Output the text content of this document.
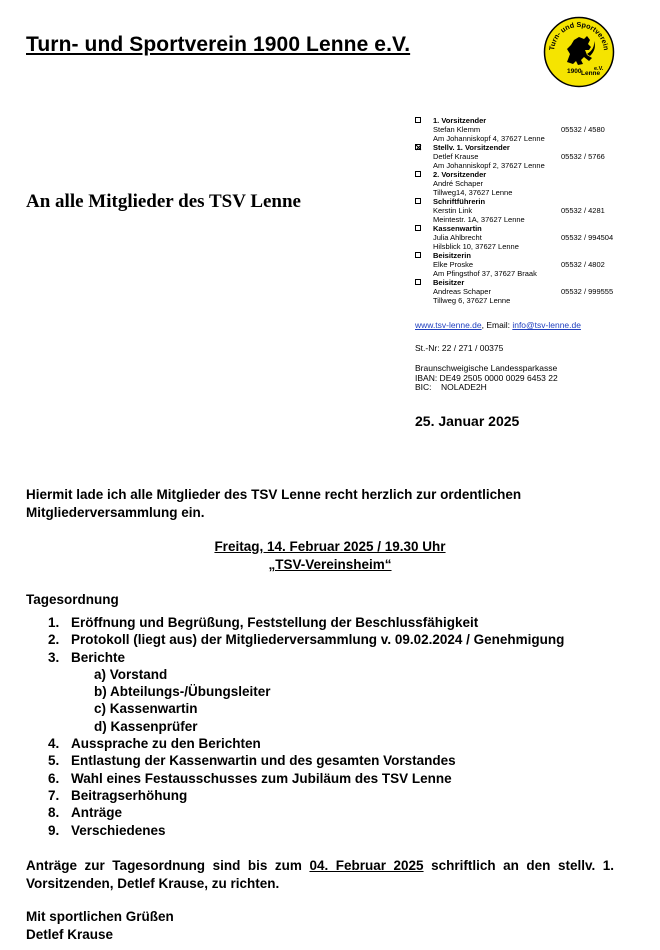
Turn- und Sportverein 1900 Lenne e.V.	Turn- und Sportverein
1900 Lenne
e.V.
An alle Mitglieder des TSV Lenne
1. Vorsitzender
Stefan Klemm	05532 / 4580
Am Johanniskopf 4, 37627 Lenne
Stellv. 1. Vorsitzender
Detlef Krause	05532 / 5766
Am Johanniskopf 2, 37627 Lenne
2. Vorsitzender
André Schaper
Tillweg14, 37627 Lenne
Schriftführerin
Kerstin Link	05532 / 4281
Meintestr. 1A, 37627 Lenne
Kassenwartin
Julia Ahlbrecht	05532 / 994504
Hilsblick 10, 37627 Lenne
Beisitzerin
Elke Proske	05532 / 4802
Am Pfingsthof 37, 37627 Braak
Beisitzer
Andreas Schaper	05532 / 999555
Tillweg 6, 37627 Lenne
www.tsv-lenne.de, Email: info@tsv-lenne.de
St.-Nr: 22 / 271 / 00375
Braunschweigische Landessparkasse
IBAN: DE49 2505 0000 0029 6453 22
BIC:    NOLADE2H
25. Januar 2025
Hiermit lade ich alle Mitglieder des TSV Lenne recht herzlich zur ordentlichen Mitgliederversammlung ein.
Freitag, 14. Februar 2025 / 19.30 Uhr
„TSV-Vereinsheim“
Tagesordnung
1. Eröffnung und Begrüßung, Feststellung der Beschlussfähigkeit
2. Protokoll (liegt aus) der Mitgliederversammlung v. 09.02.2024 / Genehmigung
3. Berichte
a) Vorstand
b) Abteilungs-/Übungsleiter
c) Kassenwartin
d) Kassenprüfer
4. Aussprache zu den Berichten
5. Entlastung der Kassenwartin und des gesamten Vorstandes
6. Wahl eines Festausschusses zum Jubiläum des TSV Lenne
7. Beitragserhöhung
8. Anträge
9. Verschiedenes
Anträge zur Tagesordnung sind bis zum 04. Februar 2025 schriftlich an den stellv. 1. Vorsitzenden, Detlef Krause, zu richten.
Mit sportlichen Grüßen
Detlef Krause
